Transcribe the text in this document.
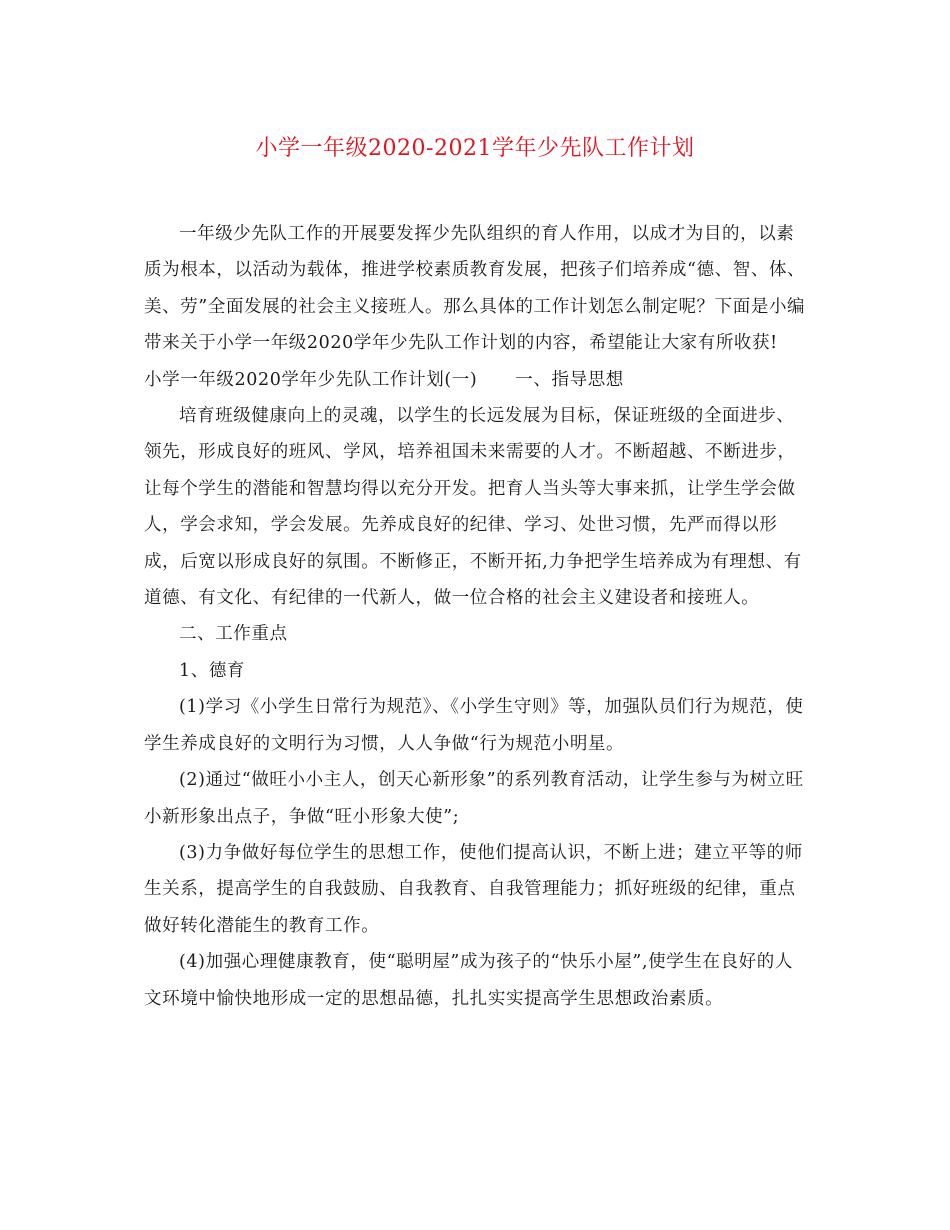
小学一年级2020-2021学年少先队工作计划

一年级少先队工作的开展要发挥少先队组织的育人作用，以成才为目的，以素质为根本，以活动为载体，推进学校素质教育发展，把孩子们培养成“德、智、体、美、劳”全面发展的社会主义接班人。那么具体的工作计划怎么制定呢？下面是小编带来关于小学一年级2020学年少先队工作计划的内容，希望能让大家有所收获!

小学一年级2020学年少先队工作计划(一) 一、指导思想

培育班级健康向上的灵魂，以学生的长远发展为目标，保证班级的全面进步、领先，形成良好的班风、学风，培养祖国未来需要的人才。不断超越、不断进步，让每个学生的潜能和智慧均得以充分开发。把育人当头等大事来抓，让学生学会做人，学会求知，学会发展。先养成良好的纪律、学习、处世习惯，先严而得以形成，后宽以形成良好的氛围。不断修正，不断开拓,力争把学生培养成为有理想、有道德、有文化、有纪律的一代新人，做一位合格的社会主义建设者和接班人。

二、工作重点

1、德育

(1)学习《小学生日常行为规范》、《小学生守则》等，加强队员们行为规范，使学生养成良好的文明行为习惯，人人争做“行为规范小明星。

(2)通过“做旺小小主人，创天心新形象”的系列教育活动，让学生参与为树立旺小新形象出点子，争做“旺小形象大使”;

(3)力争做好每位学生的思想工作，使他们提高认识，不断上进；建立平等的师生关系，提高学生的自我鼓励、自我教育、自我管理能力；抓好班级的纪律，重点做好转化潜能生的教育工作。

(4)加强心理健康教育，使“聪明屋”成为孩子的“快乐小屋”,使学生在良好的人文环境中愉快地形成一定的思想品德，扎扎实实提高学生思想政治素质。
